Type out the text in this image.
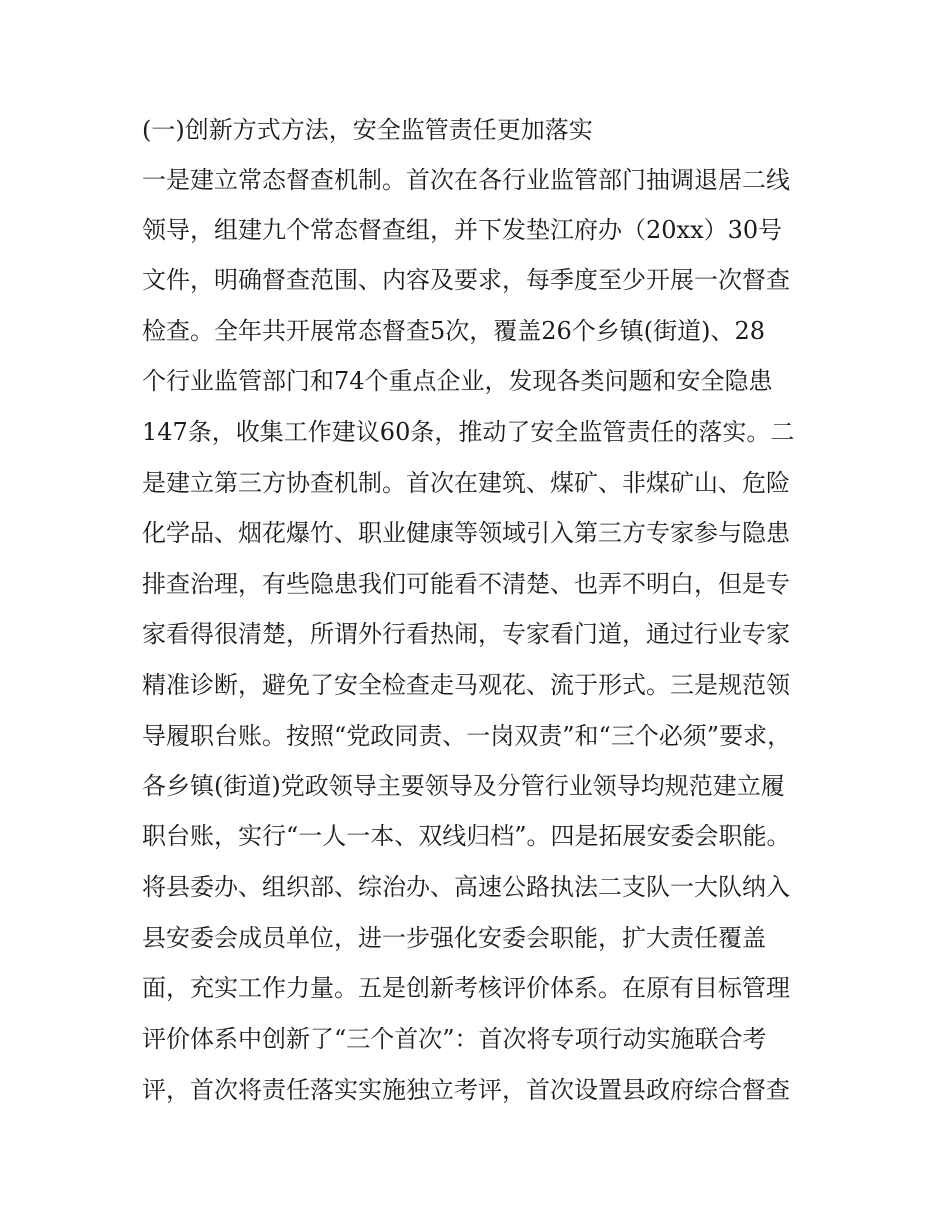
(一)创新方式方法，安全监管责任更加落实
一是建立常态督查机制。首次在各行业监管部门抽调退居二线
领导，组建九个常态督查组，并下发垫江府办（20xx）30号
文件，明确督查范围、内容及要求，每季度至少开展一次督查
检查。全年共开展常态督查5次，覆盖26个乡镇(街道)、28
个行业监管部门和74个重点企业，发现各类问题和安全隐患
147条，收集工作建议60条，推动了安全监管责任的落实。二
是建立第三方协查机制。首次在建筑、煤矿、非煤矿山、危险
化学品、烟花爆竹、职业健康等领域引入第三方专家参与隐患
排查治理，有些隐患我们可能看不清楚、也弄不明白，但是专
家看得很清楚，所谓外行看热闹，专家看门道，通过行业专家
精准诊断，避免了安全检查走马观花、流于形式。三是规范领
导履职台账。按照“党政同责、一岗双责”和“三个必须”要求，
各乡镇(街道)党政领导主要领导及分管行业领导均规范建立履
职台账，实行“一人一本、双线归档”。四是拓展安委会职能。
将县委办、组织部、综治办、高速公路执法二支队一大队纳入
县安委会成员单位，进一步强化安委会职能，扩大责任覆盖
面，充实工作力量。五是创新考核评价体系。在原有目标管理
评价体系中创新了“三个首次”：首次将专项行动实施联合考
评，首次将责任落实实施独立考评，首次设置县政府综合督查
